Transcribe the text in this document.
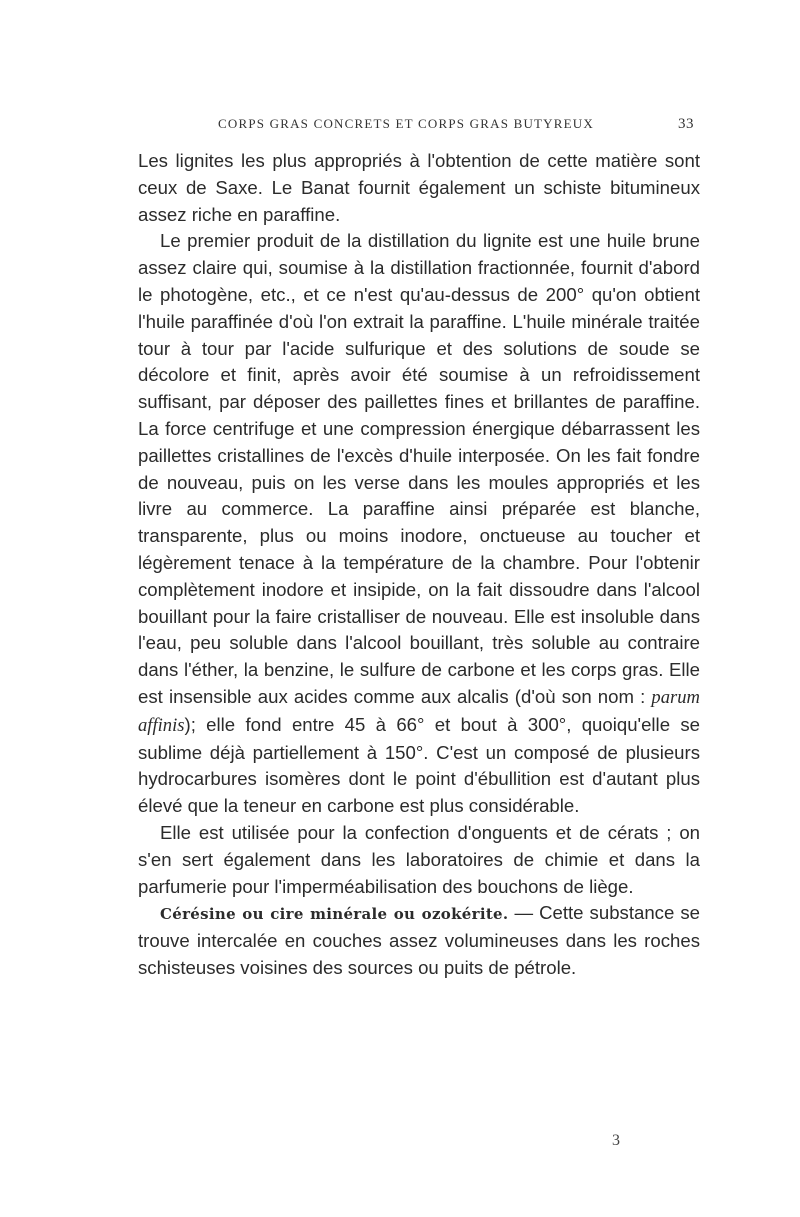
CORPS GRAS CONCRETS ET CORPS GRAS BUTYREUX	33

Les lignites les plus appropriés à l'obtention de cette matière sont ceux de Saxe. Le Banat fournit également un schiste bitumineux assez riche en paraffine.

Le premier produit de la distillation du lignite est une huile brune assez claire qui, soumise à la distillation fractionnée, fournit d'abord le photogène, etc., et ce n'est qu'au-dessus de 200° qu'on obtient l'huile paraffinée d'où l'on extrait la paraffine. L'huile minérale traitée tour à tour par l'acide sulfurique et des solutions de soude se décolore et finit, après avoir été soumise à un refroidissement suffisant, par déposer des paillettes fines et brillantes de paraffine. La force centrifuge et une compression énergique débarrassent les paillettes cristallines de l'excès d'huile interposée. On les fait fondre de nouveau, puis on les verse dans les moules appropriés et les livre au commerce. La paraffine ainsi préparée est blanche, transparente, plus ou moins inodore, onctueuse au toucher et légèrement tenace à la température de la chambre. Pour l'obtenir complètement inodore et insipide, on la fait dissoudre dans l'alcool bouillant pour la faire cristalliser de nouveau. Elle est insoluble dans l'eau, peu soluble dans l'alcool bouillant, très soluble au contraire dans l'éther, la benzine, le sulfure de carbone et les corps gras. Elle est insensible aux acides comme aux alcalis (d'où son nom : parum affinis); elle fond entre 45 à 66° et bout à 300°, quoiqu'elle se sublime déjà partiellement à 150°. C'est un composé de plusieurs hydrocarbures isomères dont le point d'ébullition est d'autant plus élevé que la teneur en carbone est plus considérable.

Elle est utilisée pour la confection d'onguents et de cérats ; on s'en sert également dans les laboratoires de chimie et dans la parfumerie pour l'imperméabilisation des bouchons de liège.

Cérésine ou cire minérale ou ozokérite. — Cette substance se trouve intercalée en couches assez volumineuses dans les roches schisteuses voisines des sources ou puits de pétrole.

3
